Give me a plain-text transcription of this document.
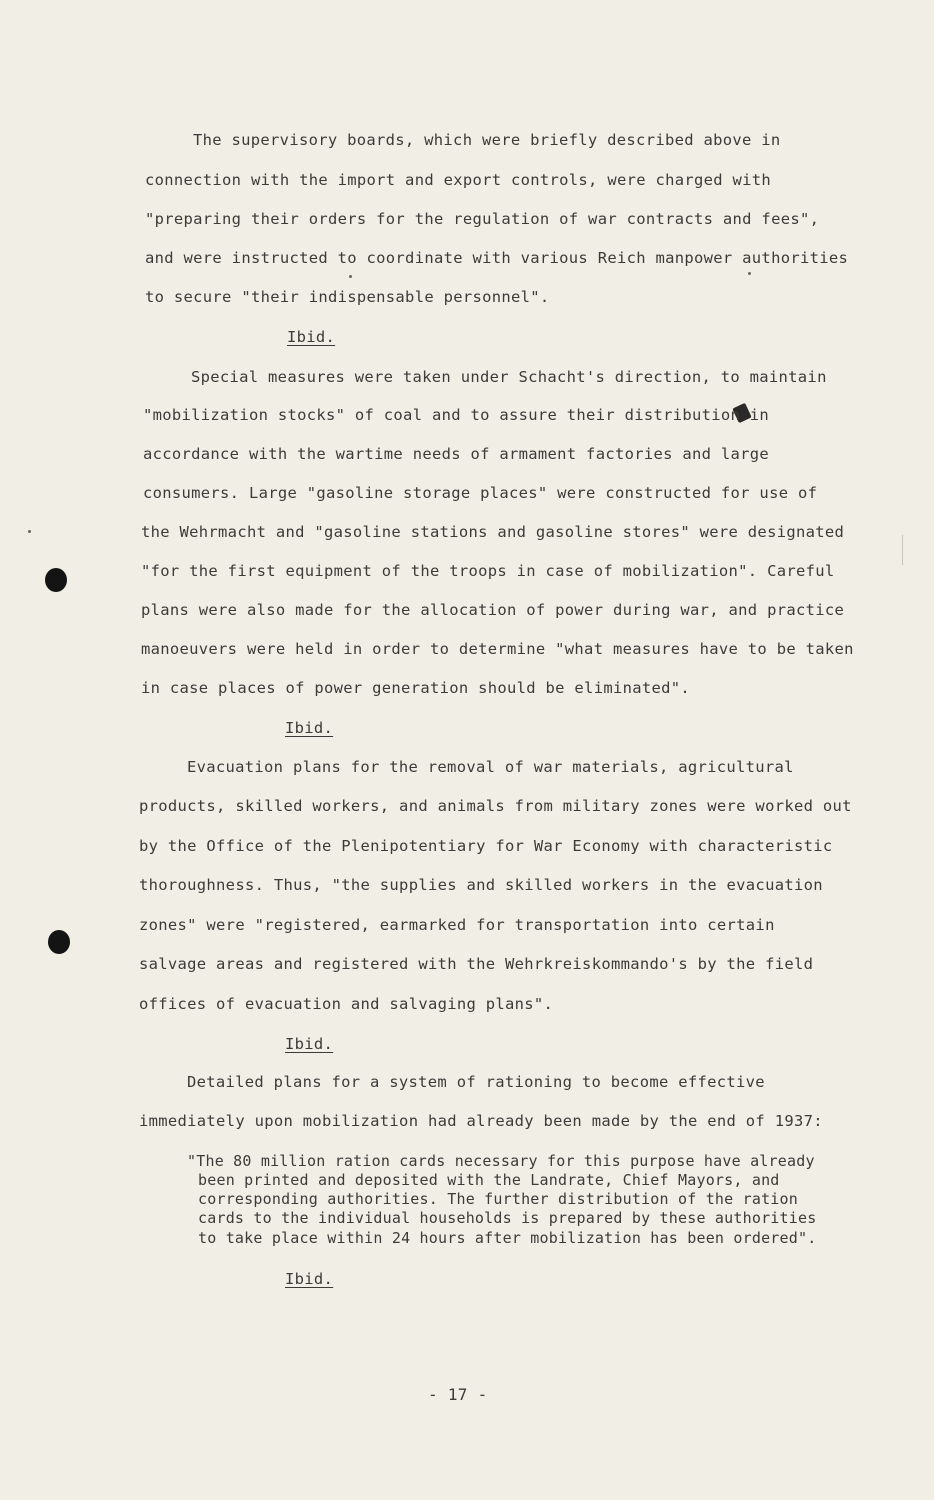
The supervisory boards, which were briefly described above in
connection with the import and export controls, were charged with
"preparing their orders for the regulation of war contracts and fees",
and were instructed to coordinate with various Reich manpower authorities
to secure "their indispensable personnel".
Ibid.
Special measures were taken under Schacht's direction, to maintain
"mobilization stocks" of coal and to assure their distribution in
accordance with the wartime needs of armament factories and large
consumers. Large "gasoline storage places" were constructed for use of
the Wehrmacht and "gasoline stations and gasoline stores" were designated
"for the first equipment of the troops in case of mobilization". Careful
plans were also made for the allocation of power during war, and practice
manoeuvers were held in order to determine "what measures have to be taken
in case places of power generation should be eliminated".
Ibid.
Evacuation plans for the removal of war materials, agricultural
products, skilled workers, and animals from military zones were worked out
by the Office of the Plenipotentiary for War Economy with characteristic
thoroughness. Thus, "the supplies and skilled workers in the evacuation
zones" were "registered, earmarked for transportation into certain
salvage areas and registered with the Wehrkreiskommando's by the field
offices of evacuation and salvaging plans".
Ibid.
Detailed plans for a system of rationing to become effective
immediately upon mobilization had already been made by the end of 1937:
"The 80 million ration cards necessary for this purpose have already
been printed and deposited with the Landrate, Chief Mayors, and
corresponding authorities. The further distribution of the ration
cards to the individual households is prepared by these authorities
to take place within 24 hours after mobilization has been ordered".
Ibid.
- 17 -
